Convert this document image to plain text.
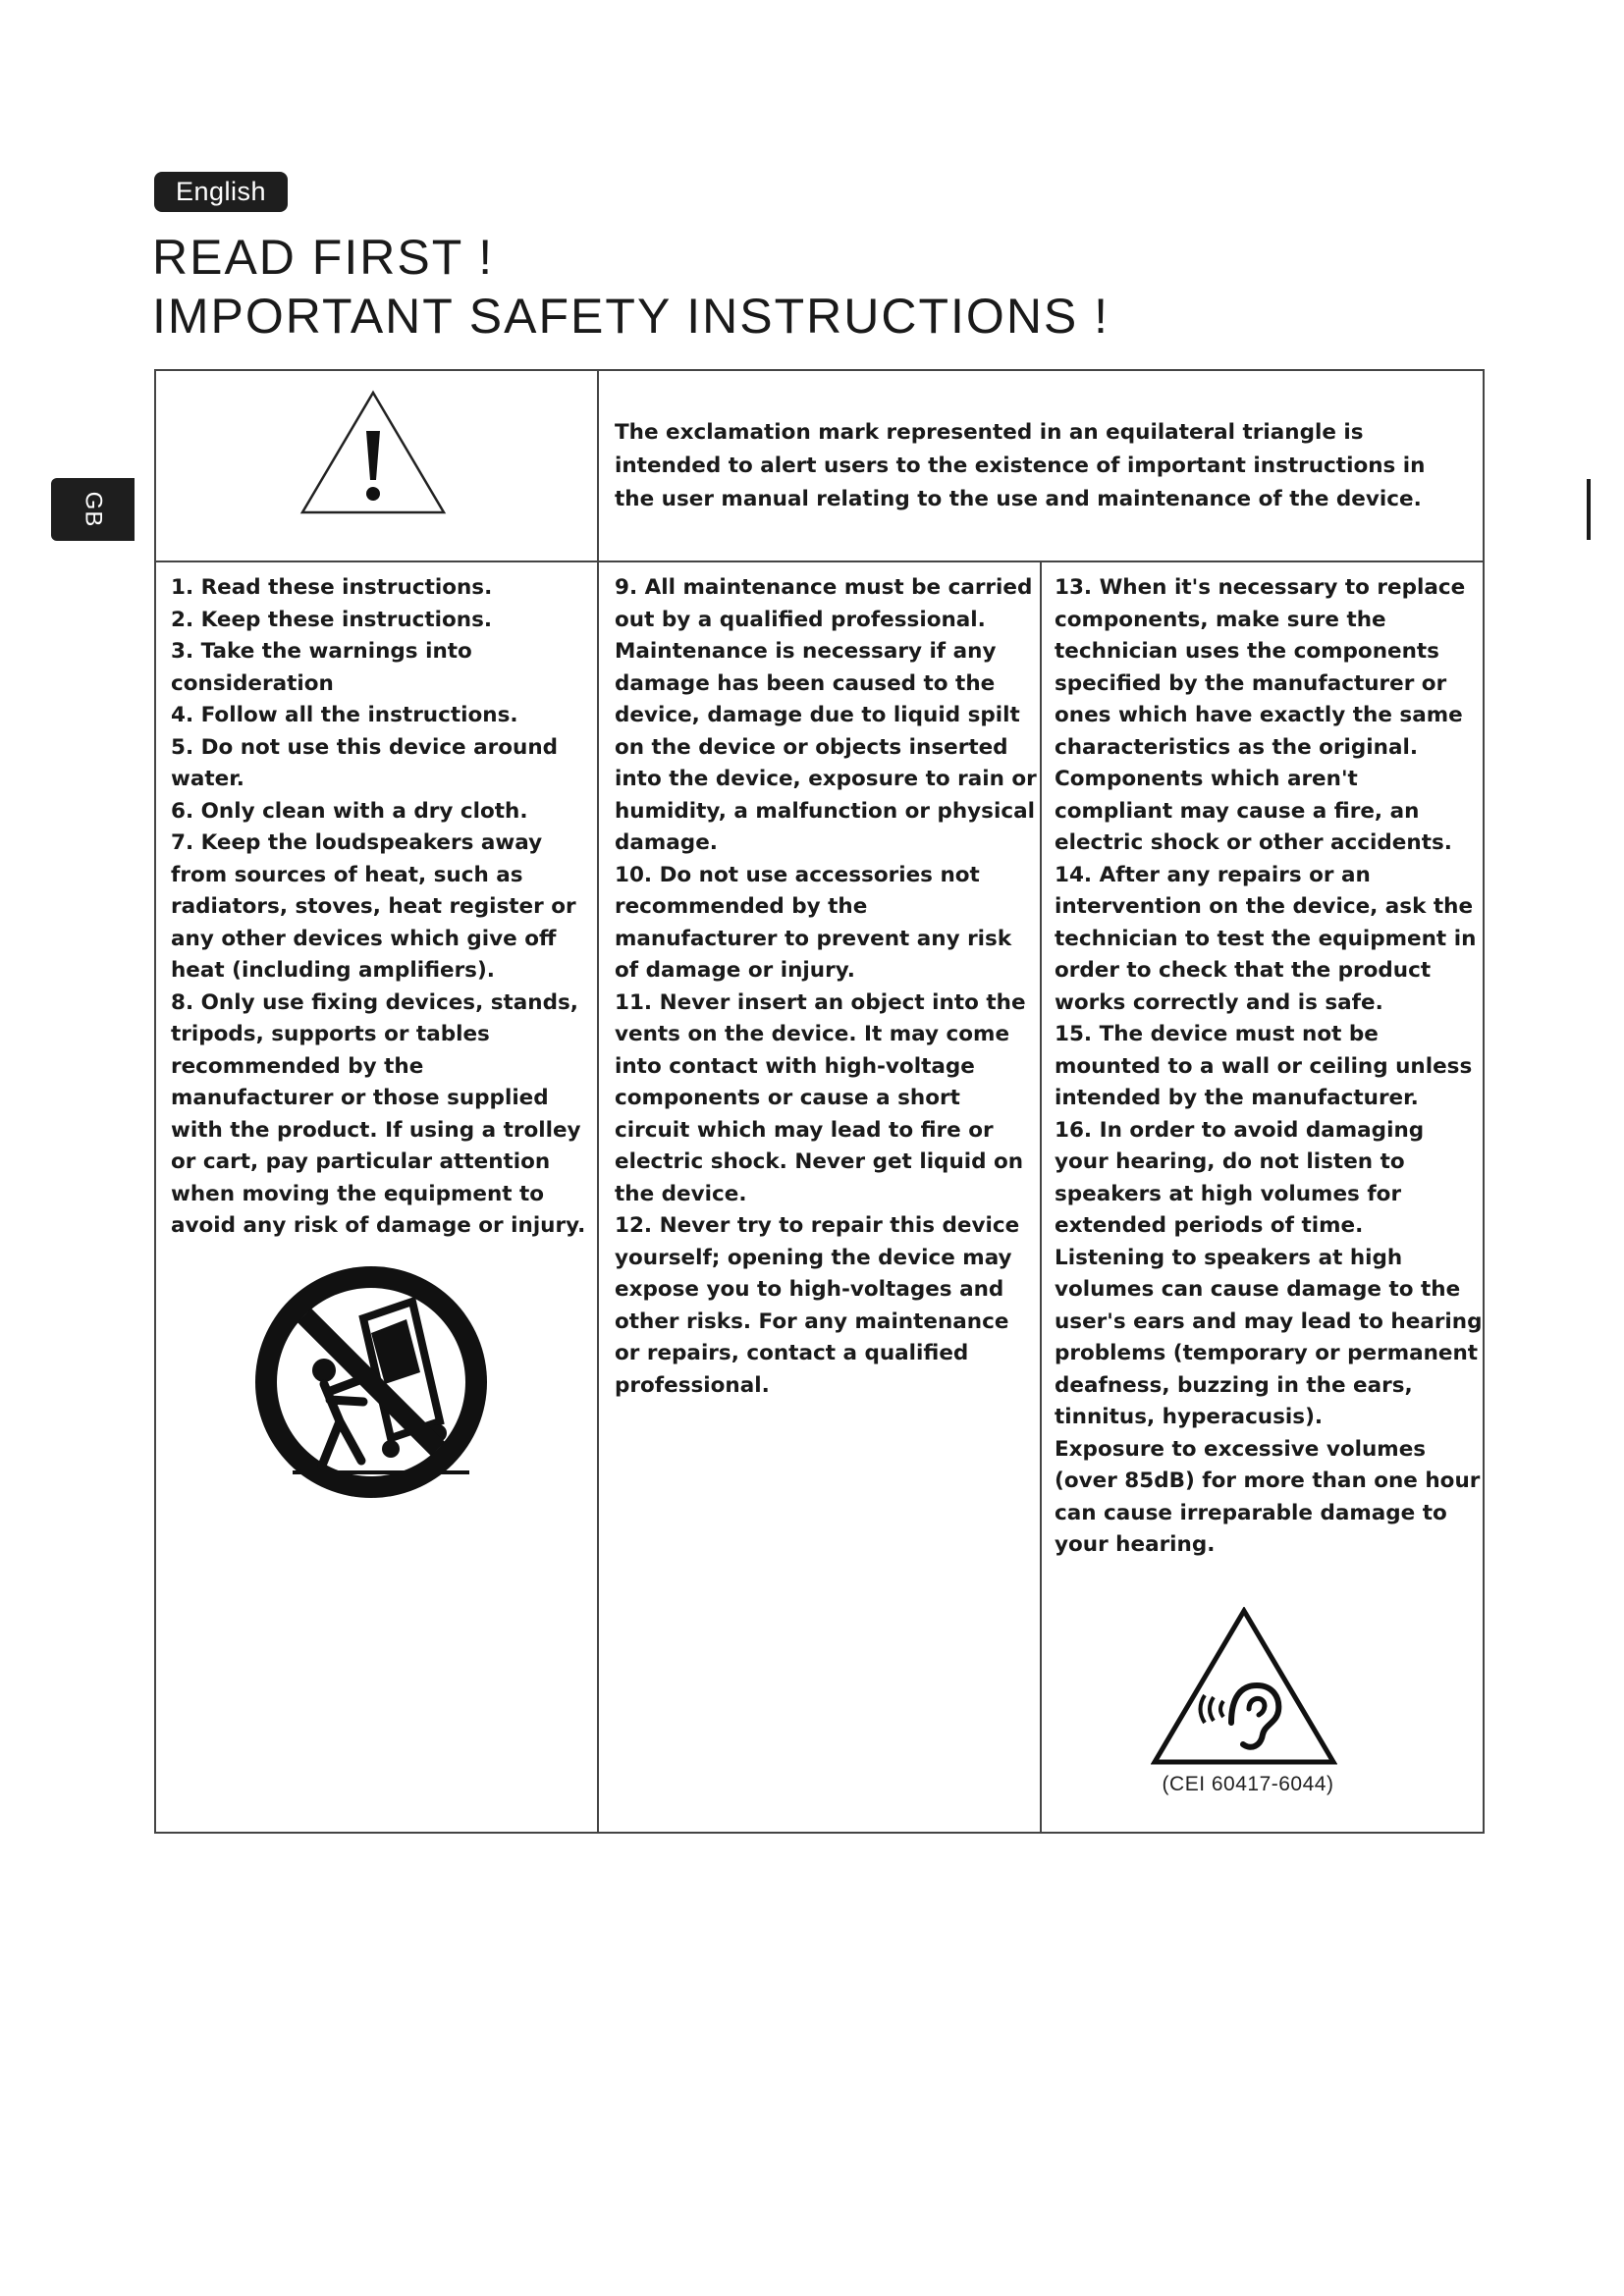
English
READ FIRST !
IMPORTANT SAFETY INSTRUCTIONS !
GB

The exclamation mark represented in an equilateral triangle is intended to alert users to the existence of important instructions in the user manual relating to the use and maintenance of the device.

1. Read these instructions.
2. Keep these instructions.
3. Take the warnings into consideration
4. Follow all the instructions.
5. Do not use this device around water.
6. Only clean with a dry cloth.
7. Keep the loudspeakers away from sources of heat, such as radiators, stoves, heat register or any other devices which give off heat (including amplifiers).
8. Only use fixing devices, stands, tripods, supports or tables recommended by the manufacturer or those supplied with the product. If using a trolley or cart, pay particular attention when moving the equipment to avoid any risk of damage or injury.

9. All maintenance must be carried out by a qualified professional. Maintenance is necessary if any damage has been caused to the device, damage due to liquid spilt on the device or objects inserted into the device, exposure to rain or humidity, a malfunction or physical damage.
10. Do not use accessories not recommended by the manufacturer to prevent any risk of damage or injury.
11. Never insert an object into the vents on the device. It may come into contact with high-voltage components or cause a short circuit which may lead to fire or electric shock. Never get liquid on the device.
12. Never try to repair this device yourself; opening the device may expose you to high-voltages and other risks. For any maintenance or repairs, contact a qualified professional.

13. When it's necessary to replace components, make sure the technician uses the components specified by the manufacturer or ones which have exactly the same characteristics as the original. Components which aren't compliant may cause a fire, an electric shock or other accidents.
14. After any repairs or an intervention on the device, ask the technician to test the equipment in order to check that the product works correctly and is safe.
15. The device must not be mounted to a wall or ceiling unless intended by the manufacturer.
16. In order to avoid damaging your hearing, do not listen to speakers at high volumes for extended periods of time.
Listening to speakers at high volumes can cause damage to the user's ears and may lead to hearing problems (temporary or permanent deafness, buzzing in the ears, tinnitus, hyperacusis).
Exposure to excessive volumes (over 85dB) for more than one hour can cause irreparable damage to your hearing.

(CEI 60417-6044)
